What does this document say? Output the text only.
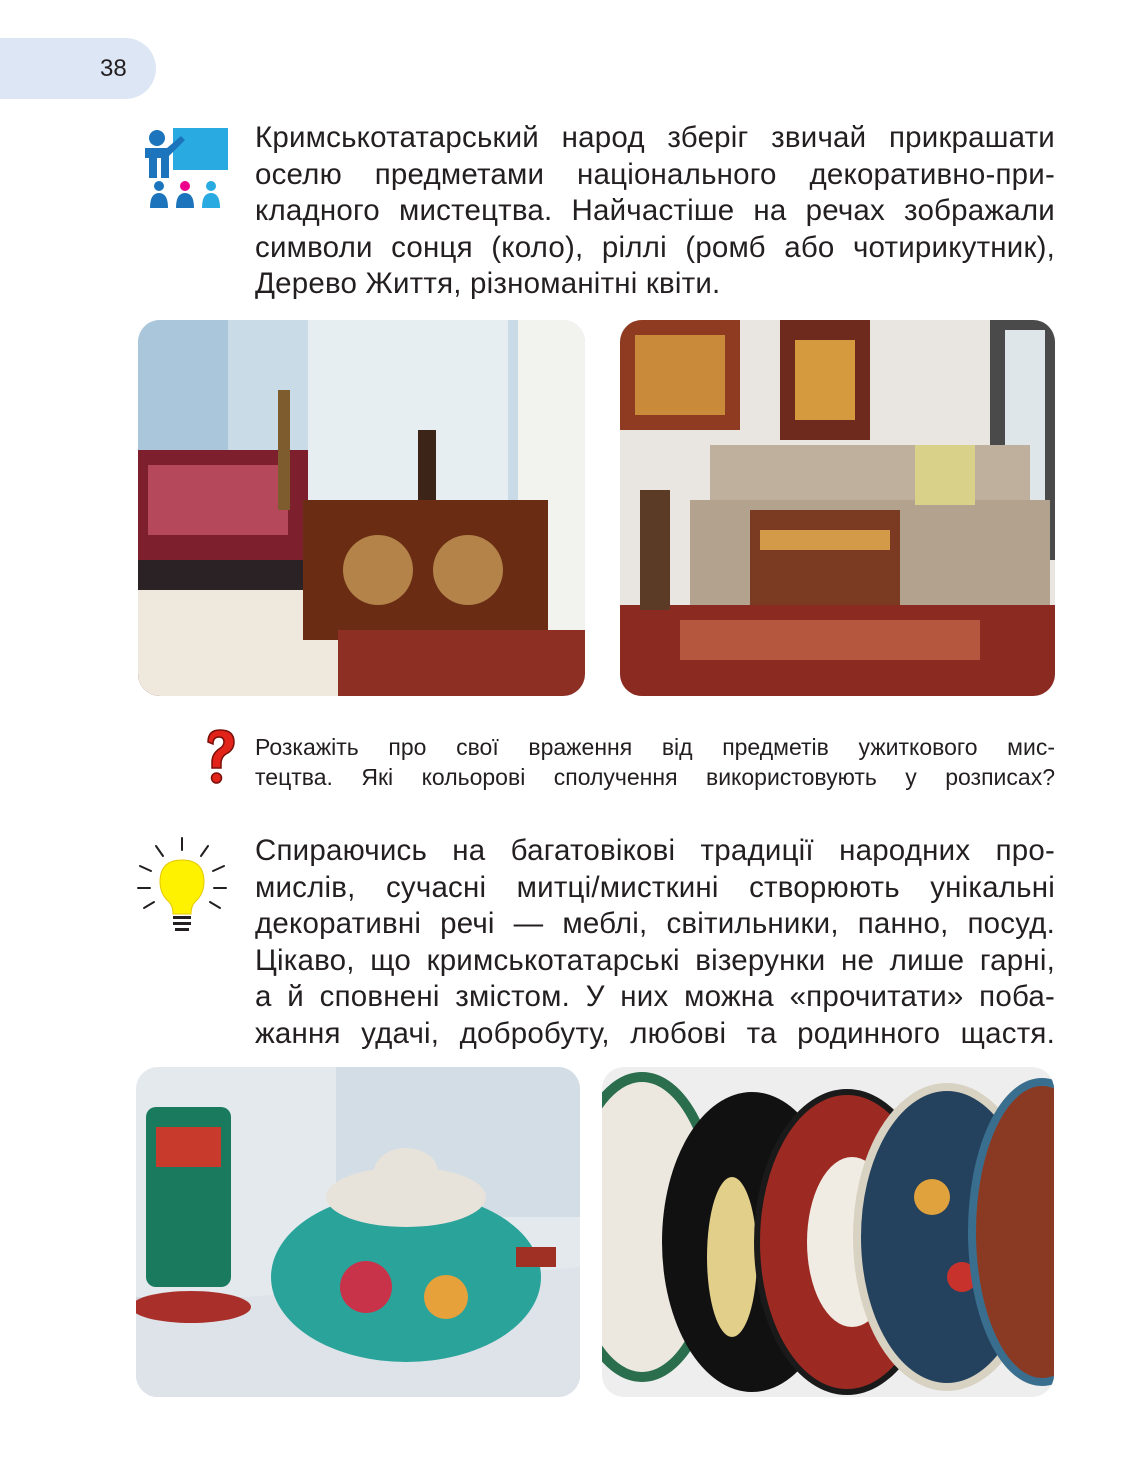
38
Кримськотатарський народ зберіг звичай прикрашати
оселю предметами національного декоративно-при-
кладного мистецтва. Найчастіше на речах зображали
символи сонця (коло), ріллі (ромб або чотирикутник),
Дерево Життя, різноманітні квіти.
Розкажіть про свої враження від предметів ужиткового мис-
тецтва. Які кольорові сполучення використовують у розписах?
Спираючись на багатовікові традиції народних про-
мислів, сучасні митці/мисткині створюють унікальні
декоративні речі — меблі, світильники, панно, посуд.
Цікаво, що кримськотатарські візерунки не лише гарні,
а й сповнені змістом. У них можна «прочитати» поба-
жання удачі, добробуту, любові та родинного щастя.
